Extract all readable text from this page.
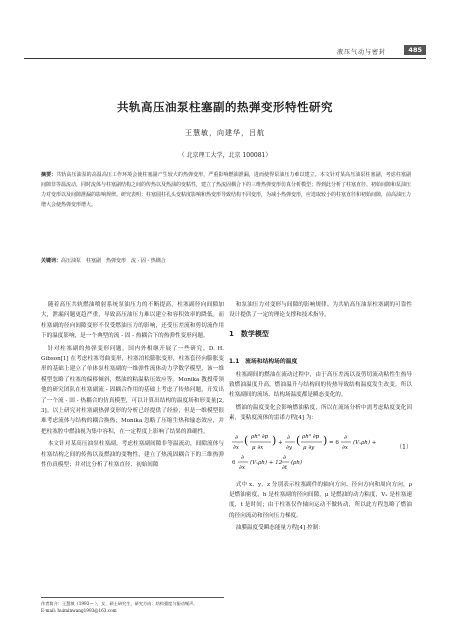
液压气动与密封	485
共轨高压油泵柱塞副的热弹变形特性研究
王慧敏，向建华，吕航
（ 北京理工大学，北京 100081）
摘要：共轨高压油泵的高温高压工作环境会使柱塞副产生较大的热弹变形，严重影响燃油泄漏，进而使得泵油压力难以建立。本文针对某高压油泵柱塞副，考虑柱塞副间隙非等温流动，同时流体与柱塞副结构之间的传热以及热油的变粘性，建立了热流固耦合下的三维热弹变形仿真分析模型；得到此分析了柱塞直径、初始间隙和泵油压力对变形以及间隙泄漏的影响规律。研究表明：柱塞圆柱孔头变粘度影响和热变形导致结构不同变形，为减小热弹变形，应选取较小的柱塞直径和初始间隙，前高油压力增大会使热弹变形增大。
关键词：高压油泵　柱塞副　热弹变形　流 - 固 - 热耦合

随着高压共轨燃油喷射系统泵油压力的不断提高，柱塞副径向间隙加大，泄漏问题更趋严重，导致高压油压力难以建立和容积效率的降低。而柱塞副的径向间隙变形不仅受燃油压力的影响，还受压差流和剪切流作用下的温度影响，是一个典型的流 - 固 - 热耦合下的热弹性变形问题。

针对柱塞副的热弹变形问题，国内外相继开展了一些研究。D. H. Gibson[1] 在考虑柱塞弯曲变形，柱塞泊松膨胀变形，柱塞套径向膨胀变形的基础上建立了单体泵柱塞副的一维弹性流体动力学数学模型，该一维模型忽略了柱塞的偏移倾斜，燃油的粘温粘压效应等。Monika 教授带领他的研究团队在柱塞副流 - 固耦合作用的基础上考虑了传热问题，开发出了一个流 - 固 - 热耦合的仿真模型，可以计算出结构的温度场和形变量[2, 3]。以上研究对柱塞副热弹变形的分析已经提供了经验，但是一维模型很难考虑流体与结构的耦合换热；Monika 忽略了压缩生热和输态效应，并把柱塞腔中燃油视为集中容积，在一定程度上影响了结果的准确性。

本文针对某高压油泵柱塞副，考虑柱塞副间隙非等温流动，间隙流体与柱塞结构之间的传热以及燃油的变物性，建立了热流固耦合下的三维热弹性仿真模型；并对比分析了柱塞直径、初始间隙

和泵油压力对变形与间隙的影响规律。为共轨高压油泵柱塞副的可靠性设计提供了一定的理论支撑和技术指导。

1　数学模型
1.1　流场和结构场的温度

柱塞副间的燃油在流动过程中，由于高压差流以及剪切流动粘性生热导致燃油温度升高，燃油温升与结构间的传热导致结构温度发生改变，所以柱塞副间的流场、结构场温度都是瞬态变化的。

燃油的温度变化会影响燃油粘度，所以在流场分析中需考虑粘度变化因素，变粘度流体的雷诺方程[4] 为：

∂
∂x
( ρh³ ∂p
μ ∂x
) +
∂
∂y
( ρh³ ∂p
μ ∂y
) = 6
∂
∂x
(Vₓρh) +
6
∂
∂x
(Vₓρh) + 12
∂
∂t
(ρh)
（1）

式中 x、y、z 分别表示柱塞副件的轴向方向、径向方向和周向方向，ρ 是燃油密度，h 是柱塞副的径向间隙，μ 是燃油的动力粘度，Vₓ 是柱塞速度，t 是时间；由于柱塞仅作轴向运动不做转动，所以此方程忽略了燃油的径向流动和径向压力梯度。

油膜温度受瞬态能量方程[4] 控制：

作者简介：王慧敏（1993— ），女，硕士研究生，研究方向：结构强度与振动噪声。
E-mail: huiminwang1993@163.com
